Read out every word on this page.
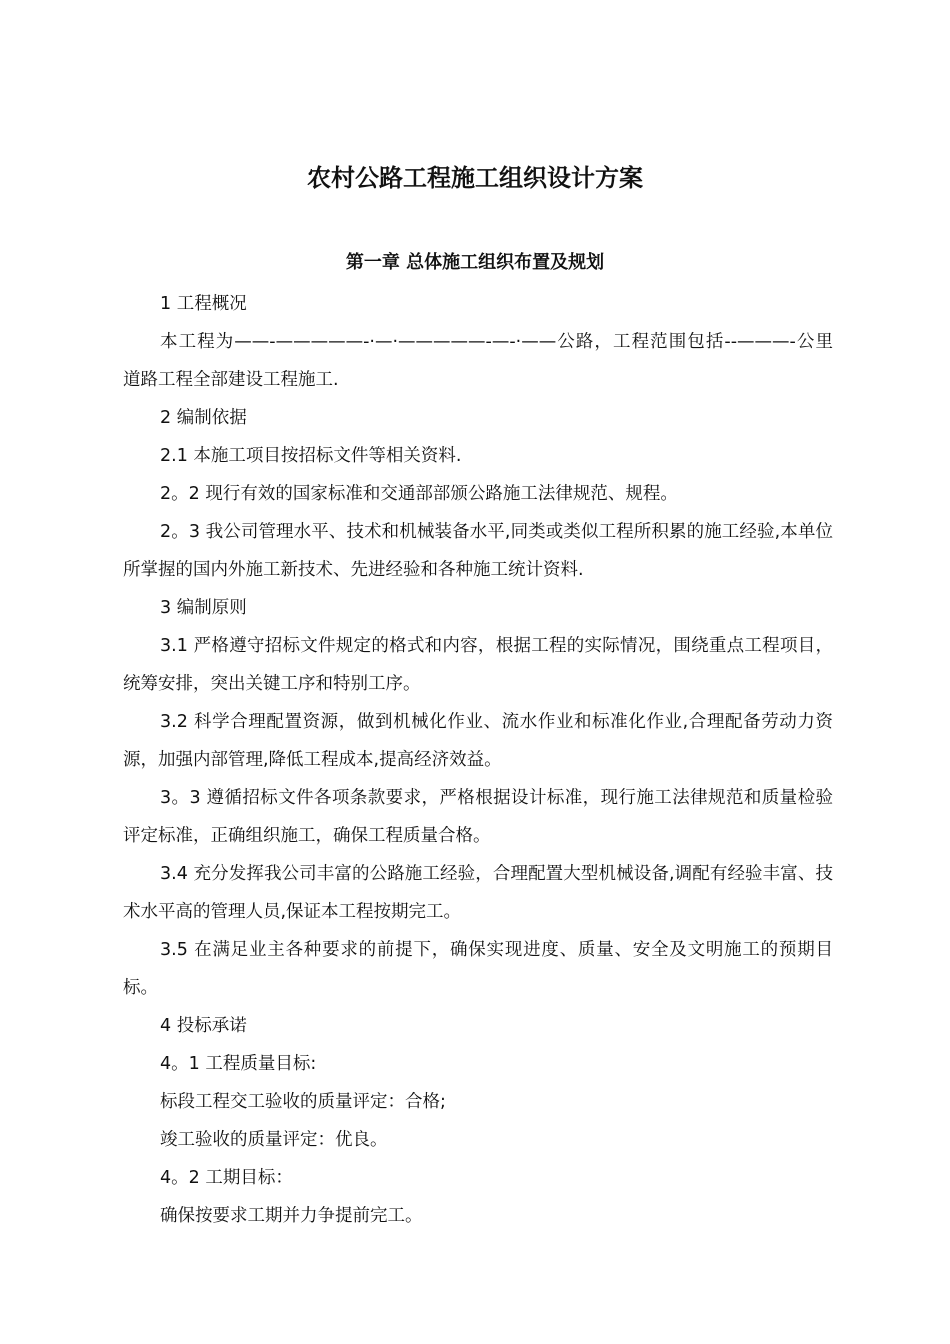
农村公路工程施工组织设计方案
第一章 总体施工组织布置及规划

1 工程概况

本工程为——-—————-·—·—————-—-·——公路，工程范围包括--———-公里道路工程全部建设工程施工.

2 编制依据

2.1 本施工项目按招标文件等相关资料.

2。2 现行有效的国家标准和交通部部颁公路施工法律规范、规程。

2。3 我公司管理水平、技术和机械装备水平,同类或类似工程所积累的施工经验,本单位所掌握的国内外施工新技术、先进经验和各种施工统计资料.

3 编制原则

3.1 严格遵守招标文件规定的格式和内容，根据工程的实际情况，围绕重点工程项目，统筹安排，突出关键工序和特别工序。

3.2 科学合理配置资源，做到机械化作业、流水作业和标准化作业,合理配备劳动力资源，加强内部管理,降低工程成本,提高经济效益。

3。3 遵循招标文件各项条款要求，严格根据设计标准，现行施工法律规范和质量检验评定标准，正确组织施工，确保工程质量合格。

3.4 充分发挥我公司丰富的公路施工经验，合理配置大型机械设备,调配有经验丰富、技术水平高的管理人员,保证本工程按期完工。

3.5 在满足业主各种要求的前提下，确保实现进度、质量、安全及文明施工的预期目标。

4 投标承诺

4。1 工程质量目标:

标段工程交工验收的质量评定：合格;

竣工验收的质量评定：优良。

4。2 工期目标：

确保按要求工期并力争提前完工。
